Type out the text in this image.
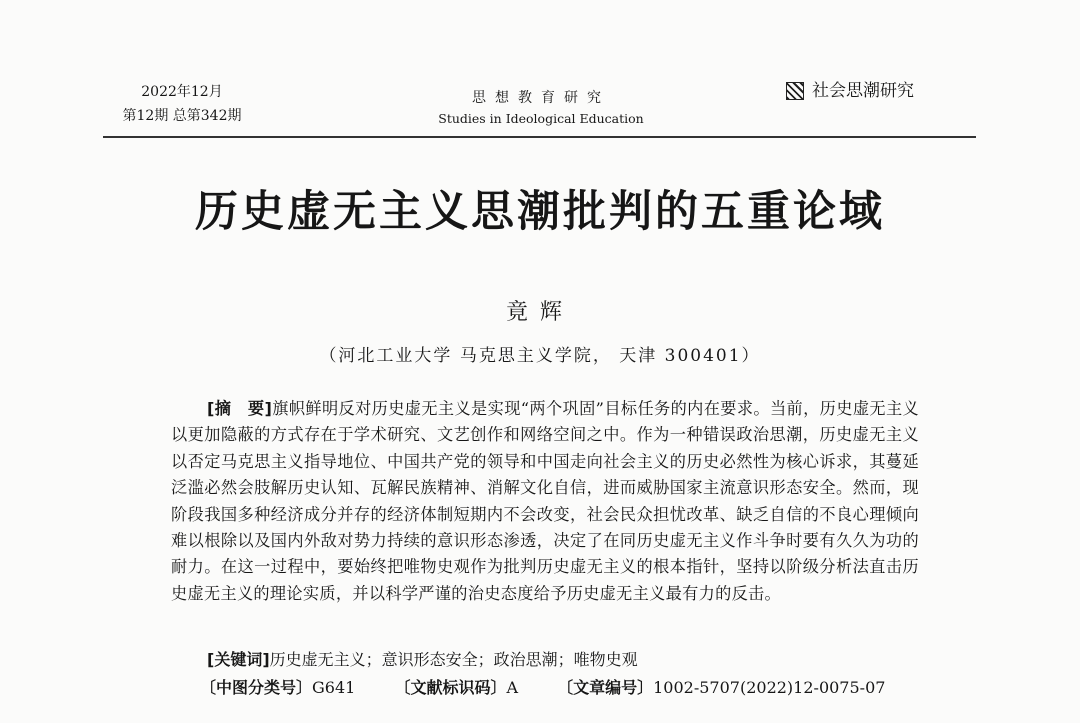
2022年12月
第12期 总第342期
思想教育研究
Studies in Ideological Education
社会思潮研究
历史虚无主义思潮批判的五重论域
竟辉
（河北工业大学 马克思主义学院， 天津 300401）
[摘　要]旗帜鲜明反对历史虚无主义是实现“两个巩固”目标任务的内在要求。当前，历史虚无主义以更加隐蔽的方式存在于学术研究、文艺创作和网络空间之中。作为一种错误政治思潮，历史虚无主义以否定马克思主义指导地位、中国共产党的领导和中国走向社会主义的历史必然性为核心诉求，其蔓延泛滥必然会肢解历史认知、瓦解民族精神、消解文化自信，进而威胁国家主流意识形态安全。然而，现阶段我国多种经济成分并存的经济体制短期内不会改变，社会民众担忧改革、缺乏自信的不良心理倾向难以根除以及国内外敌对势力持续的意识形态渗透，决定了在同历史虚无主义作斗争时要有久久为功的耐力。在这一过程中，要始终把唯物史观作为批判历史虚无主义的根本指针，坚持以阶级分析法直击历史虚无主义的理论实质，并以科学严谨的治史态度给予历史虚无主义最有力的反击。
[关键词]历史虚无主义；意识形态安全；政治思潮；唯物史观
〔中图分类号〕G641 〔文献标识码〕A 〔文章编号〕1002-5707(2022)12-0075-07
